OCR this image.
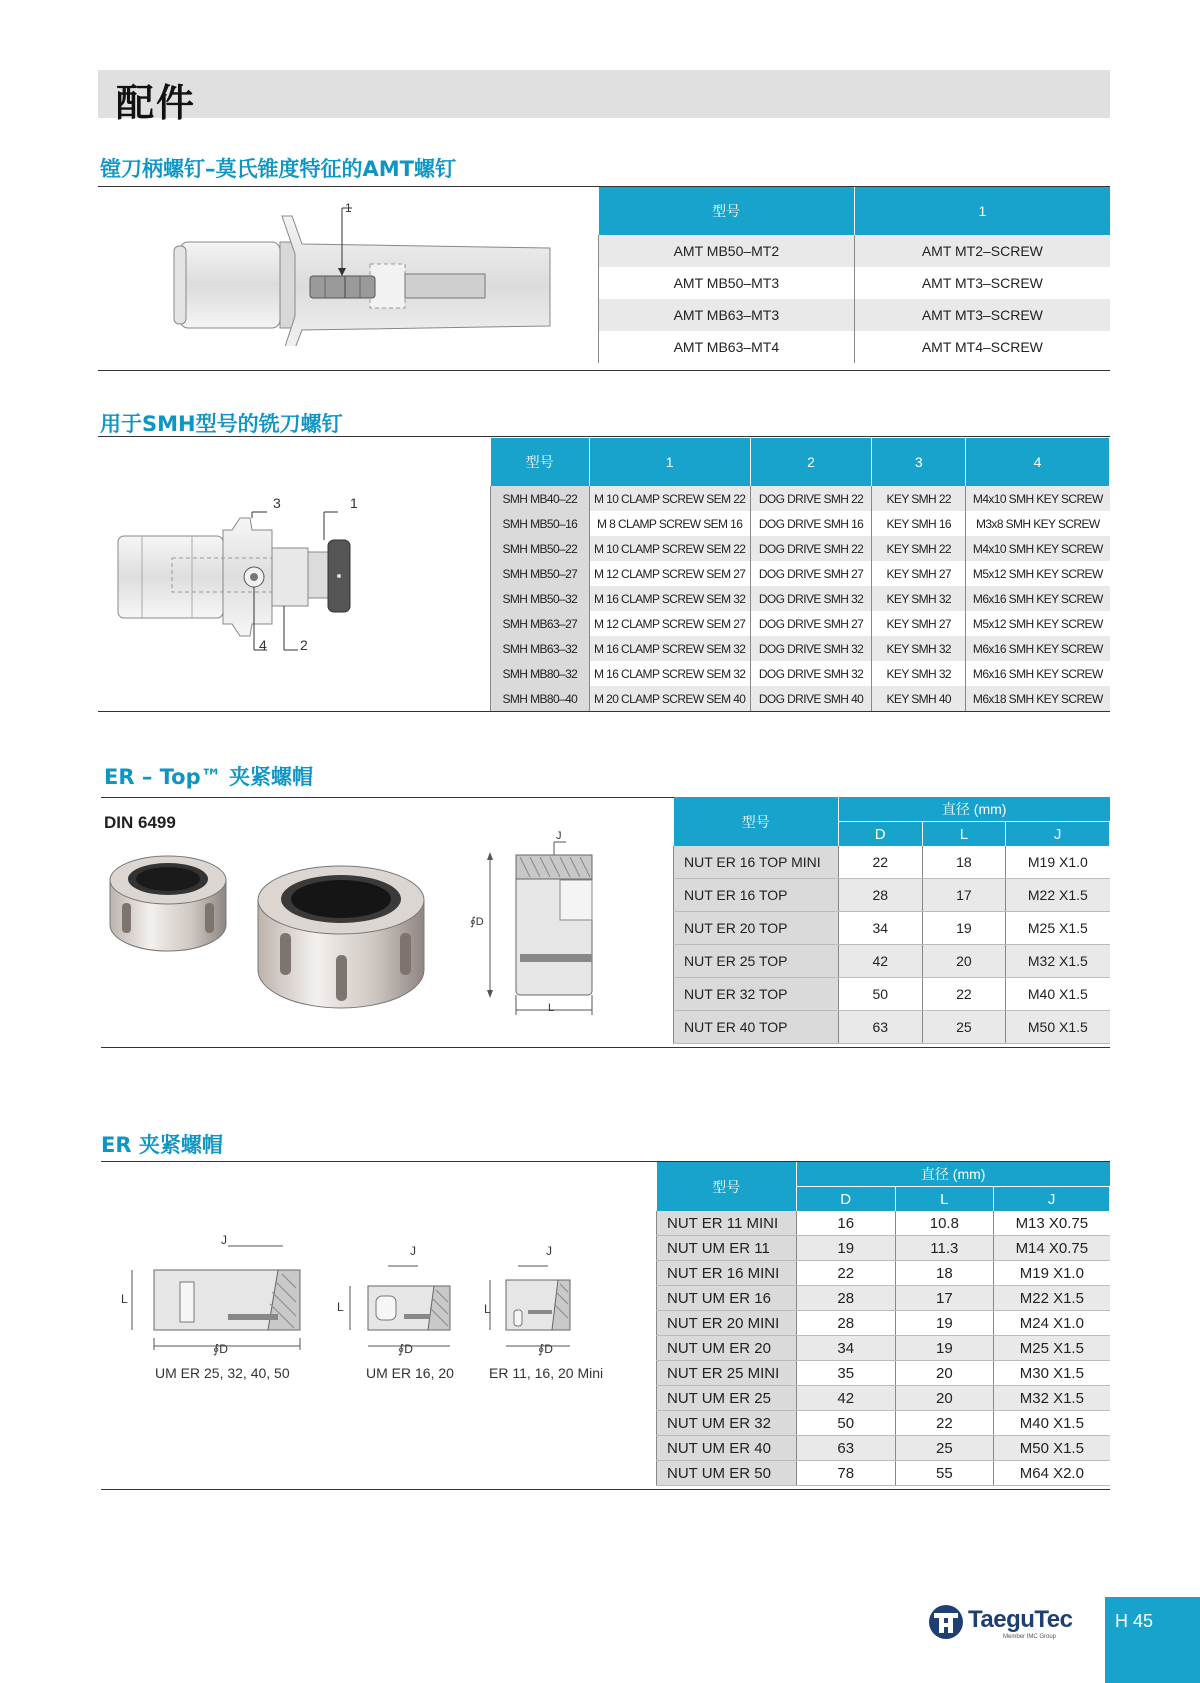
配件
镗刀柄螺钉–莫氏锥度特征的AMT螺钉
1	型号	1
AMT MB50–MT2	AMT MT2–SCREW
AMT MB50–MT3	AMT MT3–SCREW
AMT MB63–MT3	AMT MT3–SCREW
AMT MB63–MT4	AMT MT4–SCREW
用于SMH型号的铣刀螺钉
3	1
4 2
型号	1	2	3	4
SMH MB40–22	M 10 CLAMP SCREW SEM 22	DOG DRIVE SMH 22	KEY SMH 22	M4x10 SMH KEY SCREW
SMH MB50–16	M 8 CLAMP SCREW SEM 16	DOG DRIVE SMH 16	KEY SMH 16	M3x8 SMH KEY SCREW
SMH MB50–22	M 10 CLAMP SCREW SEM 22	DOG DRIVE SMH 22	KEY SMH 22	M4x10 SMH KEY SCREW
SMH MB50–27	M 12 CLAMP SCREW SEM 27	DOG DRIVE SMH 27	KEY SMH 27	M5x12 SMH KEY SCREW
SMH MB50–32	M 16 CLAMP SCREW SEM 32	DOG DRIVE SMH 32	KEY SMH 32	M6x16 SMH KEY SCREW
SMH MB63–27	M 12 CLAMP SCREW SEM 27	DOG DRIVE SMH 27	KEY SMH 27	M5x12 SMH KEY SCREW
SMH MB63–32	M 16 CLAMP SCREW SEM 32	DOG DRIVE SMH 32	KEY SMH 32	M6x16 SMH KEY SCREW
SMH MB80–32	M 16 CLAMP SCREW SEM 32	DOG DRIVE SMH 32	KEY SMH 32	M6x16 SMH KEY SCREW
SMH MB80–40	M 20 CLAMP SCREW SEM 40	DOG DRIVE SMH 40	KEY SMH 40	M6x18 SMH KEY SCREW
ER – Top™ 夹紧螺帽
DIN 6499
J
∮D
L
型号	直径 (mm)		
	D	L	J
NUT ER 16 TOP MINI	22	18	M19 X1.0
NUT ER 16 TOP	28	17	M22 X1.5
NUT ER 20 TOP	34	19	M25 X1.5
NUT ER 25 TOP	42	20	M32 X1.5
NUT ER 32 TOP	50	22	M40 X1.5
NUT ER 40 TOP	63	25	M50 X1.5
ER 夹紧螺帽
J
L
∮D
J
L
∮D
J
L
∮D
UM ER 25, 32, 40, 50	UM ER 16, 20	ER 11, 16, 20 Mini
型号	直径 (mm)		
	D	L	J
NUT ER 11 MINI	16	10.8	M13 X0.75
NUT UM ER 11	19	11.3	M14 X0.75
NUT ER 16 MINI	22	18	M19 X1.0
NUT UM ER 16	28	17	M22 X1.5
NUT ER 20 MINI	28	19	M24 X1.0
NUT UM ER 20	34	19	M25 X1.5
NUT ER 25 MINI	35	20	M30 X1.5
NUT UM ER 25	42	20	M32 X1.5
NUT UM ER 32	50	22	M40 X1.5
NUT UM ER 40	63	25	M50 X1.5
NUT UM ER 50	78	55	M64 X2.0
TaeguTec
Member IMC Group
H 45
